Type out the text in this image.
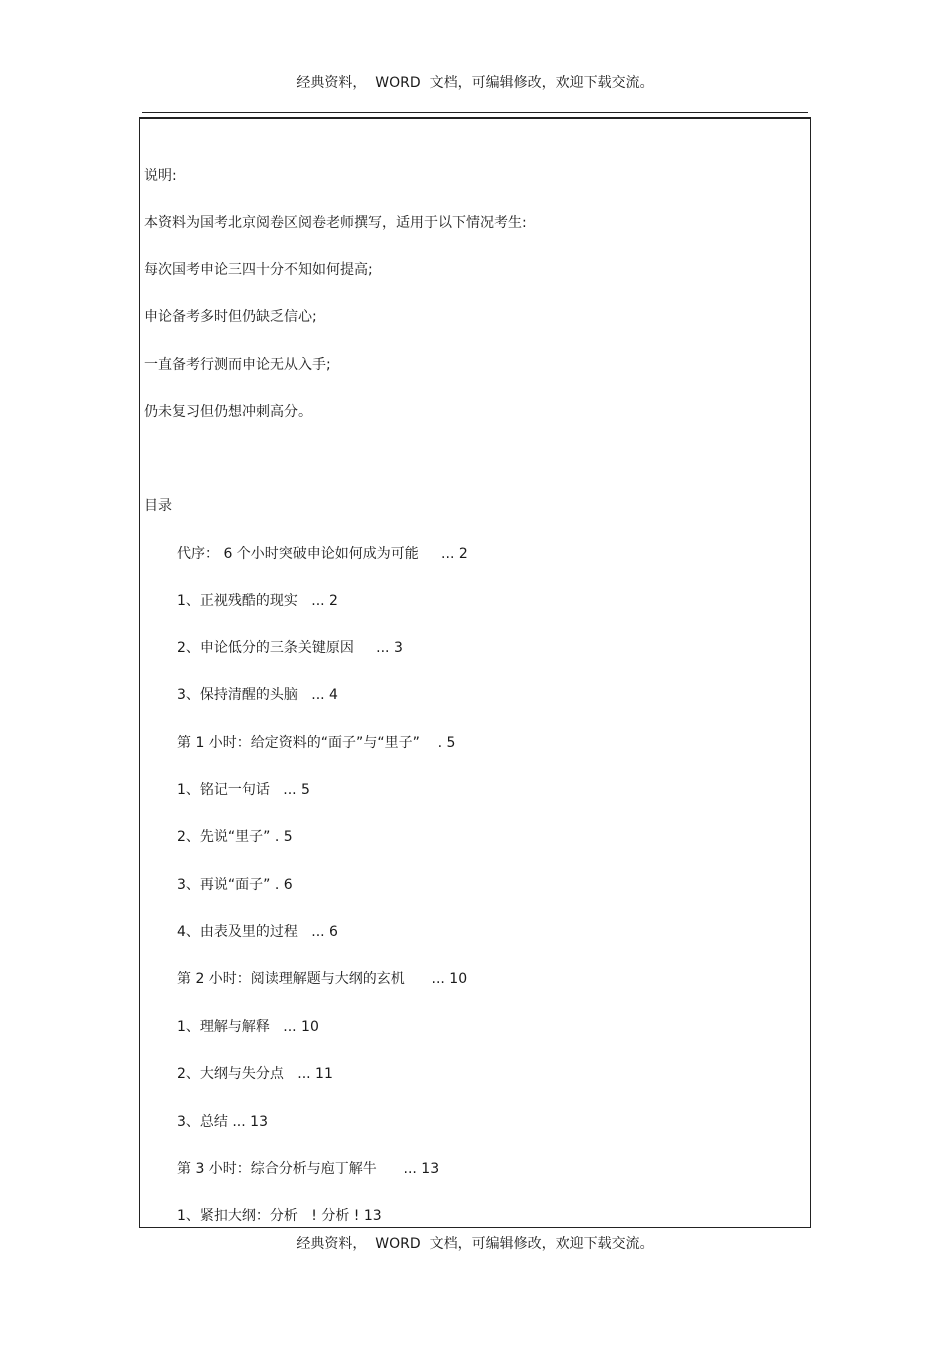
经典资料，  WORD  文档，可编辑修改，欢迎下载交流。
说明:
本资料为国考北京阅卷区阅卷老师撰写，适用于以下情况考生:
每次国考申论三四十分不知如何提高;
申论备考多时但仍缺乏信心;
一直备考行测而申论无从入手;
仍未复习但仍想冲刺高分。
目录
代序： 6 个小时突破申论如何成为可能     ... 2
1、正视残酷的现实   ... 2
2、申论低分的三条关键原因     ... 3
3、保持清醒的头脑   ... 4
第 1 小时：给定资料的“面子”与“里子”    . 5
1、铭记一句话   ... 5
2、先说“里子” . 5
3、再说“面子” . 6
4、由表及里的过程   ... 6
第 2 小时：阅读理解题与大纲的玄机      ... 10
1、理解与解释   ... 10
2、大纲与失分点   ... 11
3、总结 ... 13
第 3 小时：综合分析与庖丁解牛      ... 13
1、紧扣大纲：分析   ! 分析 ! 13
经典资料，  WORD  文档，可编辑修改，欢迎下载交流。
